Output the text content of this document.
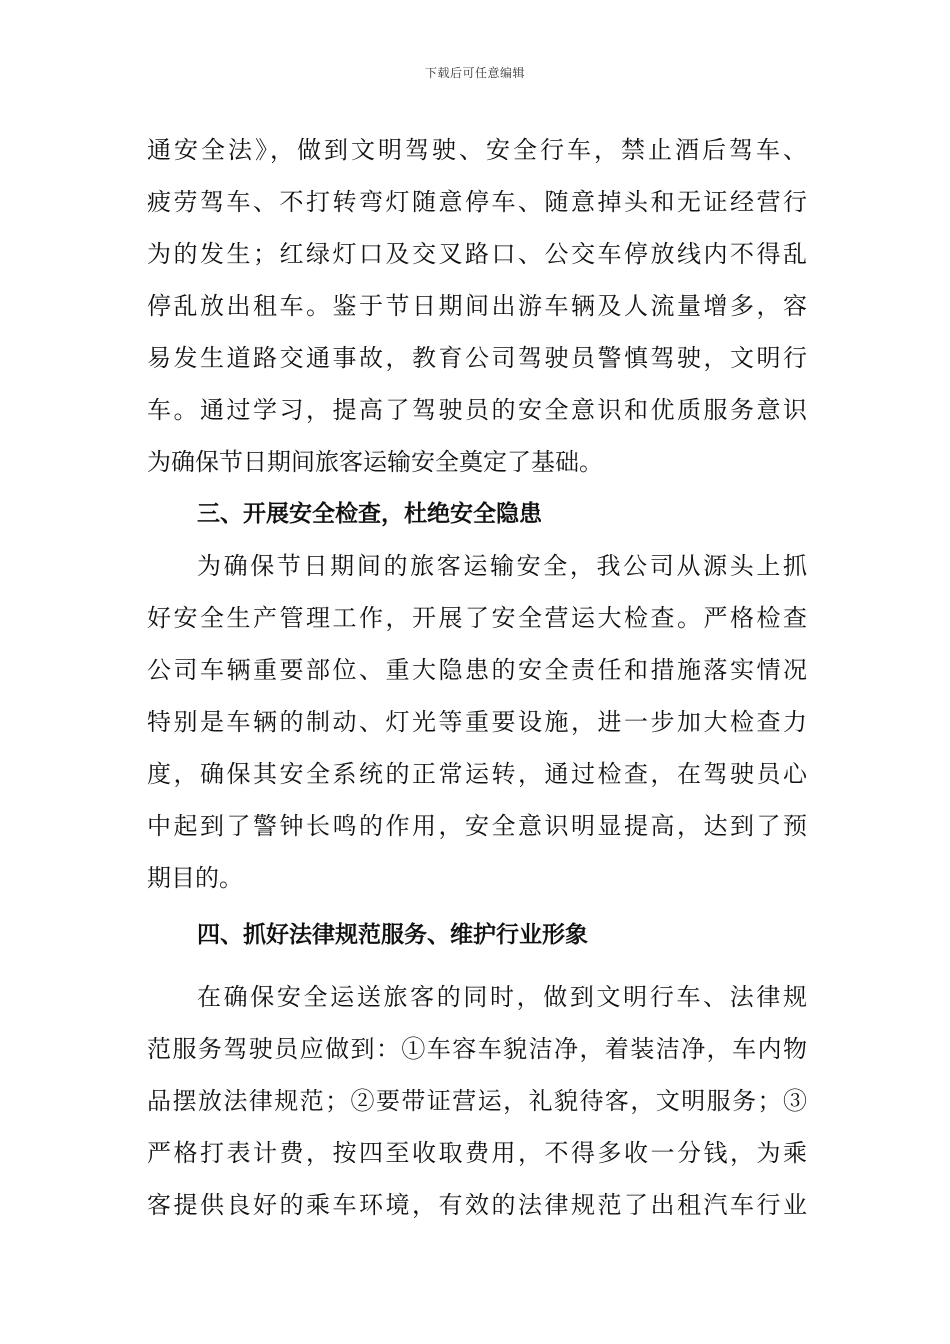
下载后可任意编辑
通安全法》，做到文明驾驶、安全行车，禁止酒后驾车、
疲劳驾车、不打转弯灯随意停车、随意掉头和无证经营行
为的发生；红绿灯口及交叉路口、公交车停放线内不得乱
停乱放出租车。鉴于节日期间出游车辆及人流量增多，容
易发生道路交通事故，教育公司驾驶员警慎驾驶，文明行
车。通过学习，提高了驾驶员的安全意识和优质服务意识
为确保节日期间旅客运输安全奠定了基础。
三、开展安全检查，杜绝安全隐患
为确保节日期间的旅客运输安全，我公司从源头上抓
好安全生产管理工作，开展了安全营运大检查。严格检查
公司车辆重要部位、重大隐患的安全责任和措施落实情况
特别是车辆的制动、灯光等重要设施，进一步加大检查力
度，确保其安全系统的正常运转，通过检查，在驾驶员心
中起到了警钟长鸣的作用，安全意识明显提高，达到了预
期目的。
四、抓好法律规范服务、维护行业形象
在确保安全运送旅客的同时，做到文明行车、法律规
范服务驾驶员应做到：①车容车貌洁净，着装洁净，车内物
品摆放法律规范；②要带证营运，礼貌待客，文明服务；③
严格打表计费，按四至收取费用，不得多收一分钱，为乘
客提供良好的乘车环境，有效的法律规范了出租汽车行业
